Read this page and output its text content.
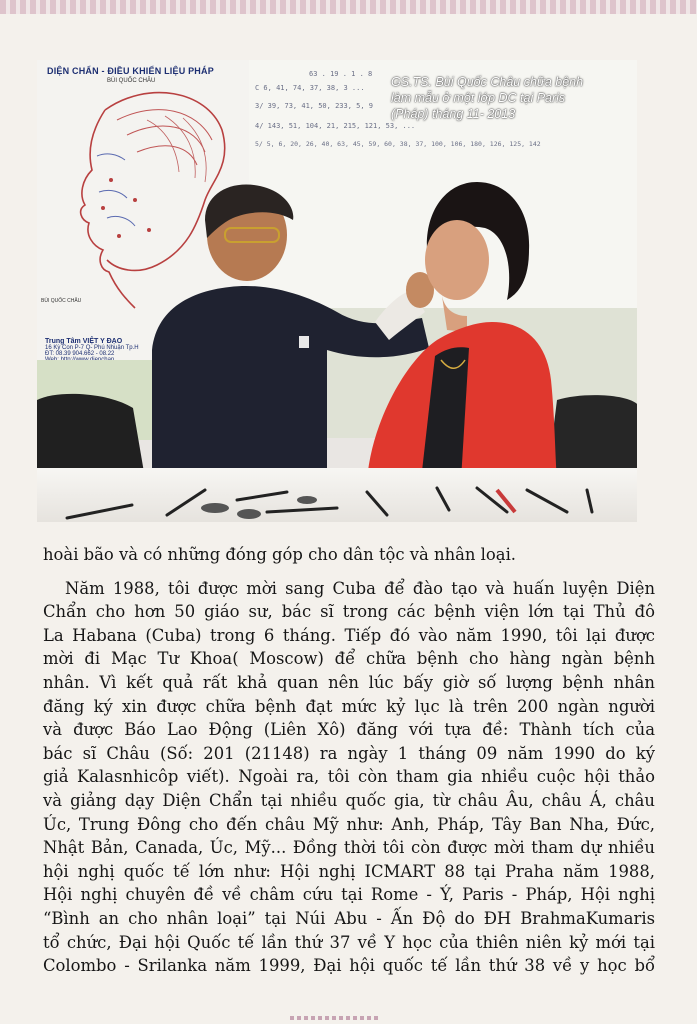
DIỆN CHẨN - ĐIỀU KHIỂN LIỆU PHÁP
BÙI QUỐC CHÂU
BÙI QUỐC CHÂU
Trung Tâm VIỆT Y ĐẠO
16 Kỳ Con P-7 Q- Phú Nhuận Tp.H
ĐT: 08.39 904.662 - 08.22
63 . 19 . 1 . 8
C 6, 41, 74, 37, 38, 3 ...
3/ 39, 73, 41, 50, 233, 5, 9
4/ 143, 51, 104, 21, 215, 121, 53, ...
5/ 5, 6, 20, 26, 40, 63, 45, 59, 60, 38, 37, 100, 106, 180, 126, 125, 142
GS.TS. Bùi Quốc Châu chữa bệnh
làm mẫu ở một lớp DC tại Paris
(Pháp) tháng 11- 2013
hoài bão và có những đóng góp cho dân tộc và nhân loại.
Năm 1988, tôi được mời sang Cuba để đào tạo và huấn luyện Diện
Chẩn cho hơn 50 giáo sư, bác sĩ trong các bệnh viện lớn tại Thủ đô
La Habana (Cuba) trong 6 tháng. Tiếp đó vào năm 1990, tôi lại được
mời đi Mạc Tư Khoa( Moscow) để chữa bệnh cho hàng ngàn bệnh
nhân. Vì kết quả rất khả quan nên lúc bấy giờ số lượng bệnh nhân
đăng ký xin được chữa bệnh đạt mức kỷ lục là trên 200 ngàn người
và được Báo Lao Động (Liên Xô) đăng với tựa đề: Thành tích của
bác sĩ Châu (Số: 201 (21148) ra ngày 1 tháng 09 năm 1990 do ký
giả Kalasnhicôp viết). Ngoài ra, tôi còn tham gia nhiều cuộc hội thảo
và giảng dạy Diện Chẩn tại nhiều quốc gia, từ châu Âu, châu Á, châu
Úc, Trung Đông cho đến châu Mỹ như: Anh, Pháp, Tây Ban Nha, Đức,
Nhật Bản, Canada, Úc, Mỹ... Đồng thời tôi còn được mời tham dự nhiều
hội nghị quốc tế lớn như: Hội nghị ICMART 88 tại Praha năm 1988,
Hội nghị chuyên đề về châm cứu tại Rome - Ý, Paris - Pháp, Hội nghị
“Bình an cho nhân loại” tại Núi Abu - Ấn Độ do ĐH BrahmaKumaris
tổ chức, Đại hội Quốc tế lần thứ 37 về Y học của thiên niên kỷ mới tại
Colombo - Srilanka năm 1999, Đại hội quốc tế lần thứ 38 về y học bổ
